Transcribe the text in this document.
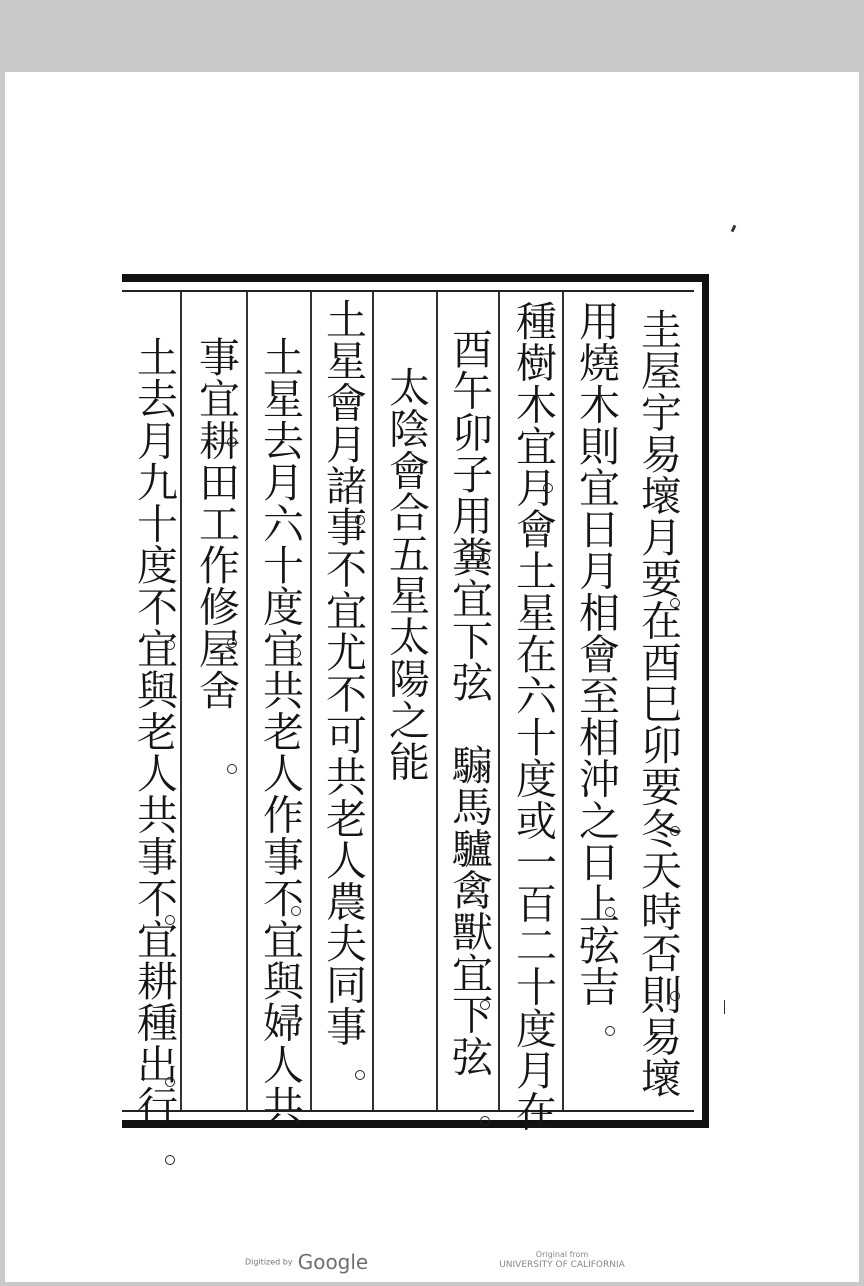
圭屋宇易壞月要在酉巳卯要冬天時否則易壞
用燒木則宜日月相會至相沖之日上弦吉
種樹木宜月會土星在六十度或一百二十度月在
酉午卯子用糞宜下弦　騸馬驢禽獸宜下弦
太陰會合五星太陽之能
土星會月諸事不宜尤不可共老人農夫同事
土星去月六十度宜共老人作事不宜與婦人共
事宜耕田工作修屋舍
土去月九十度不宜與老人共事不宜耕種出行
Digitized by Google	Original from
UNIVERSITY OF CALIFORNIA
